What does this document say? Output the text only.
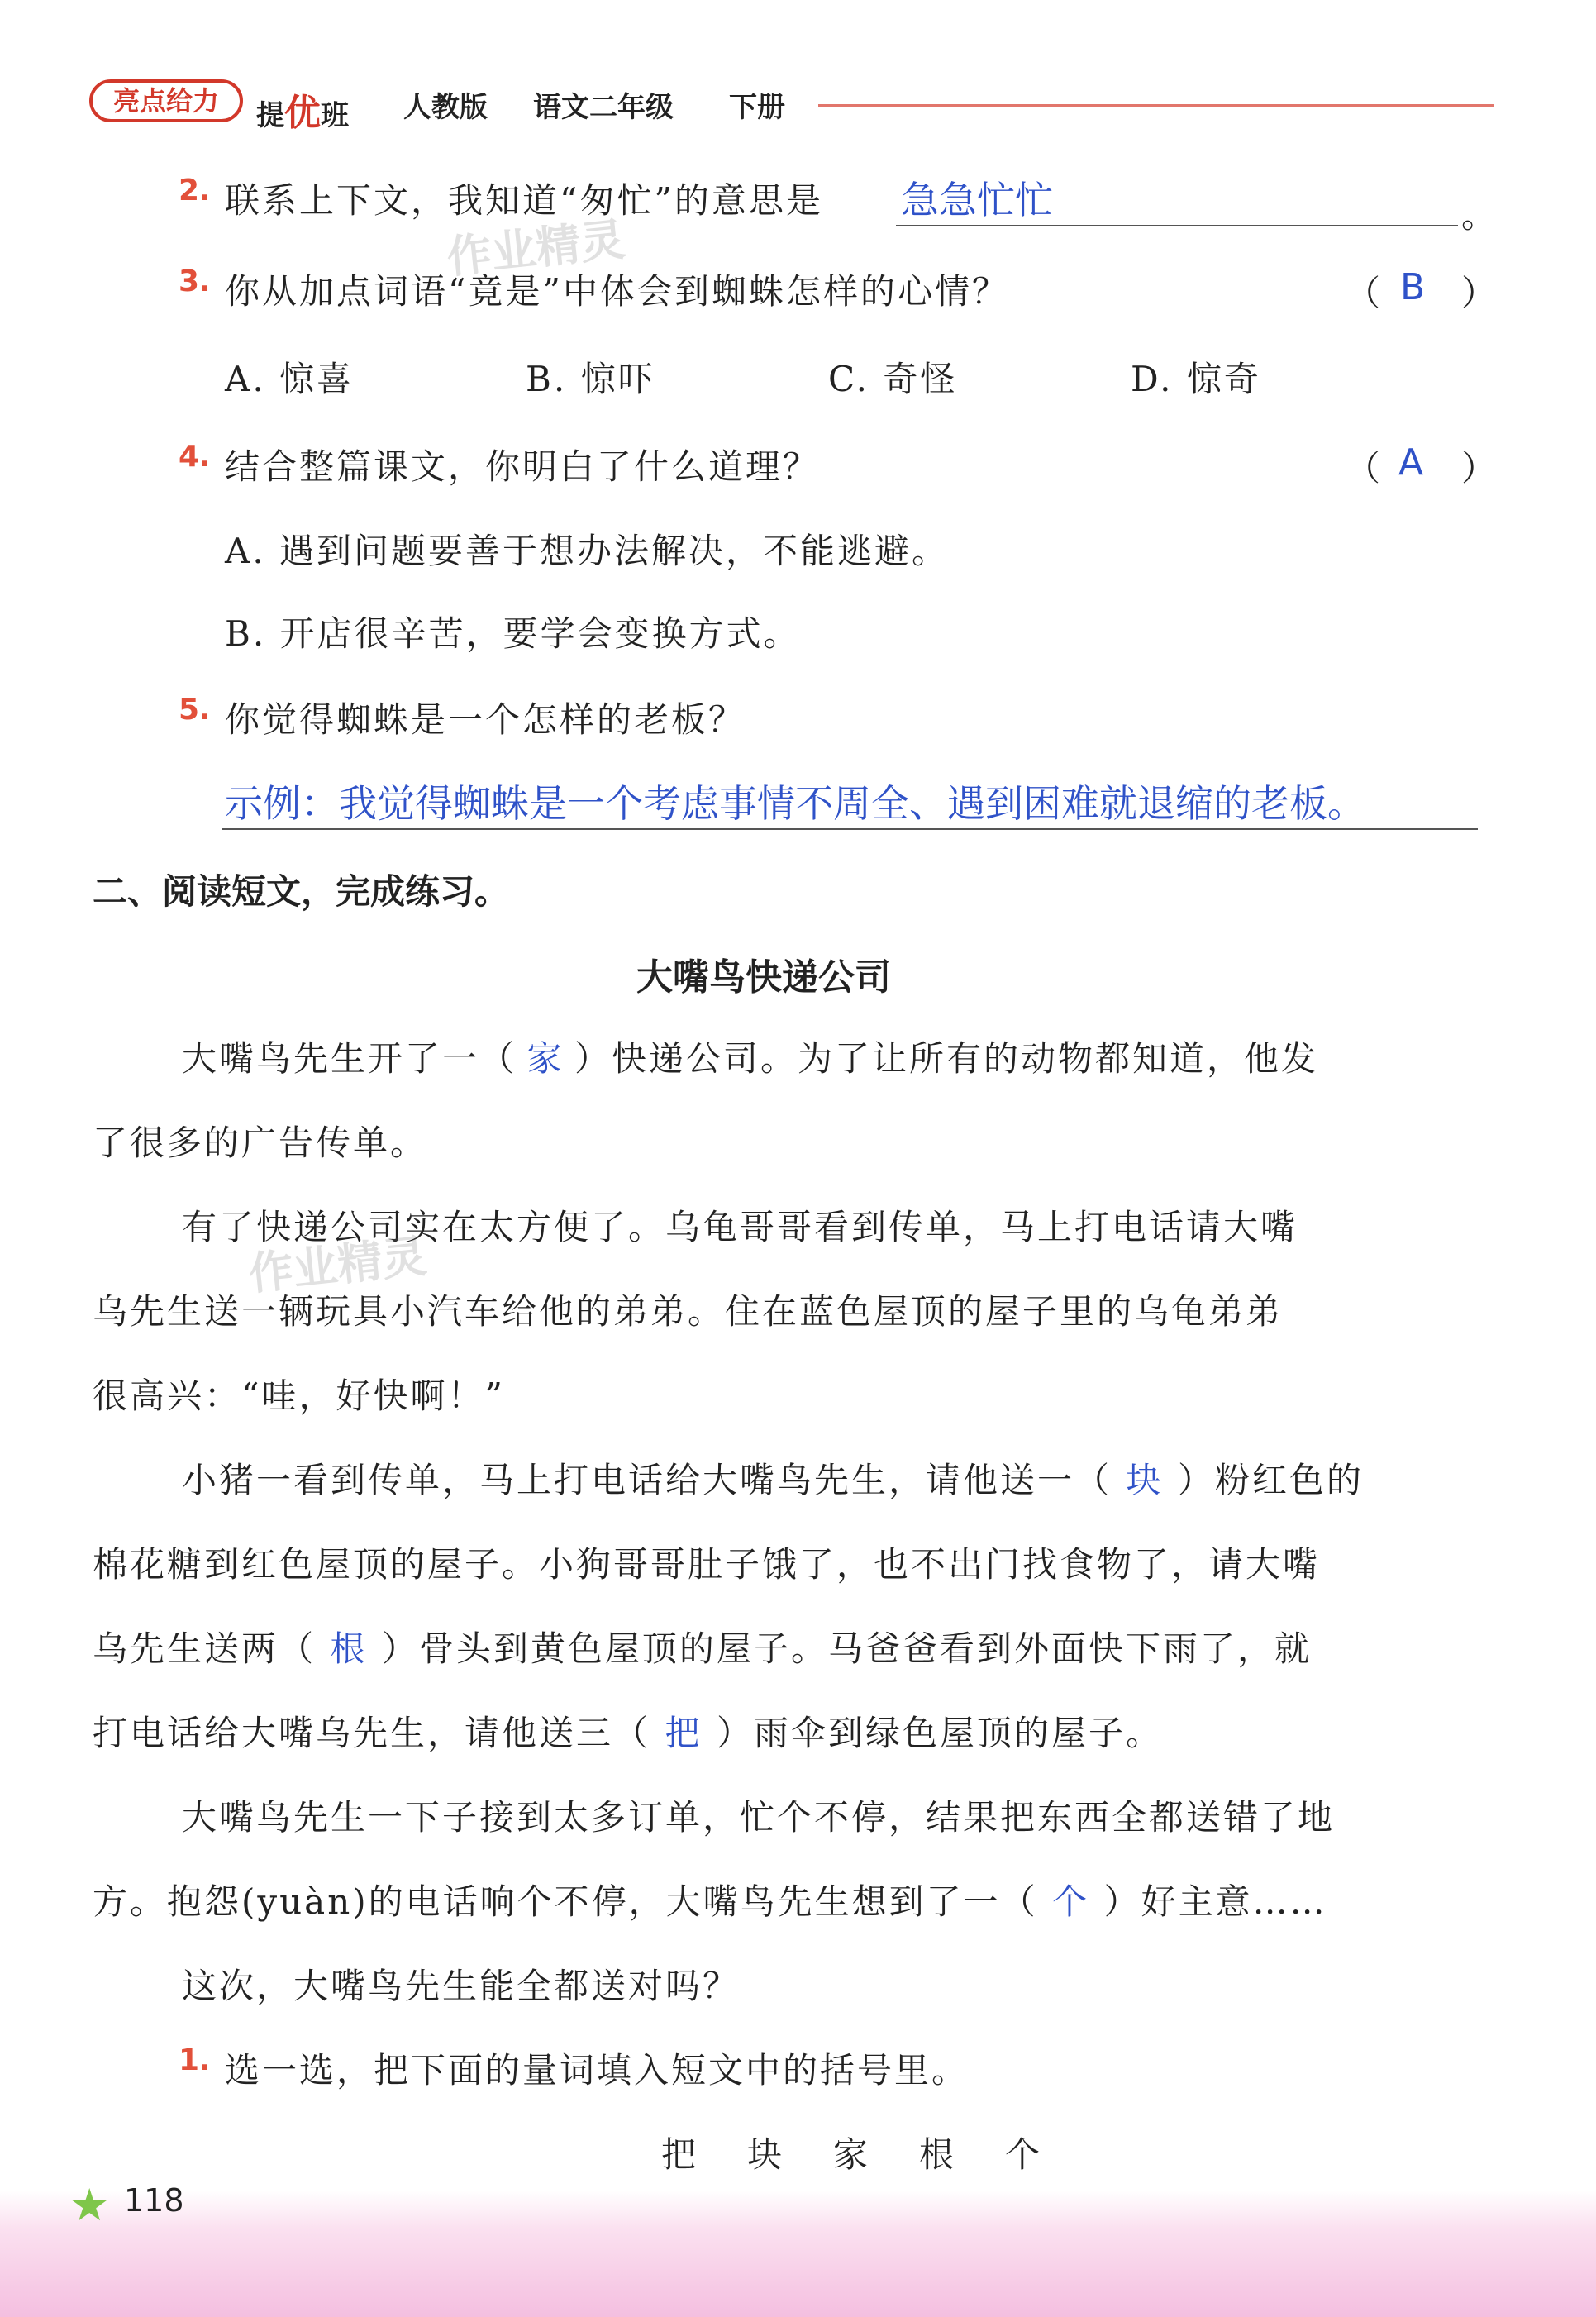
亮点给力	提优班 人教版 语文二年级 下册
2. 联系上下文，我知道“匆忙”的意思是 急急忙忙	。
3. 你从加点词语“竟是”中体会到蜘蛛怎样的心情？	（ B ）
A. 惊喜	B. 惊吓	C. 奇怪	D. 惊奇
4. 结合整篇课文，你明白了什么道理？	（ A ）
A. 遇到问题要善于想办法解决，不能逃避。
B. 开店很辛苦，要学会变换方式。
5. 你觉得蜘蛛是一个怎样的老板？
示例：我觉得蜘蛛是一个考虑事情不周全、遇到困难就退缩的老板。
二、阅读短文，完成练习。
大嘴鸟快递公司
大嘴鸟先生开了一（ 家 ）快递公司。为了让所有的动物都知道，他发
了很多的广告传单。
有了快递公司实在太方便了。乌龟哥哥看到传单，马上打电话请大嘴
乌先生送一辆玩具小汽车给他的弟弟。住在蓝色屋顶的屋子里的乌龟弟弟
很高兴：“哇，好快啊！”
小猪一看到传单，马上打电话给大嘴鸟先生，请他送一（ 块 ）粉红色的
棉花糖到红色屋顶的屋子。小狗哥哥肚子饿了，也不出门找食物了，请大嘴
乌先生送两（ 根 ）骨头到黄色屋顶的屋子。马爸爸看到外面快下雨了，就
打电话给大嘴乌先生，请他送三（ 把 ）雨伞到绿色屋顶的屋子。
大嘴鸟先生一下子接到太多订单，忙个不停，结果把东西全都送错了地
方。抱怨(yuàn)的电话响个不停，大嘴鸟先生想到了一（ 个 ）好主意……
这次，大嘴鸟先生能全都送对吗？
1. 选一选，把下面的量词填入短文中的括号里。
把 块 家 根 个
作业精灵
作业精灵
★ 118
